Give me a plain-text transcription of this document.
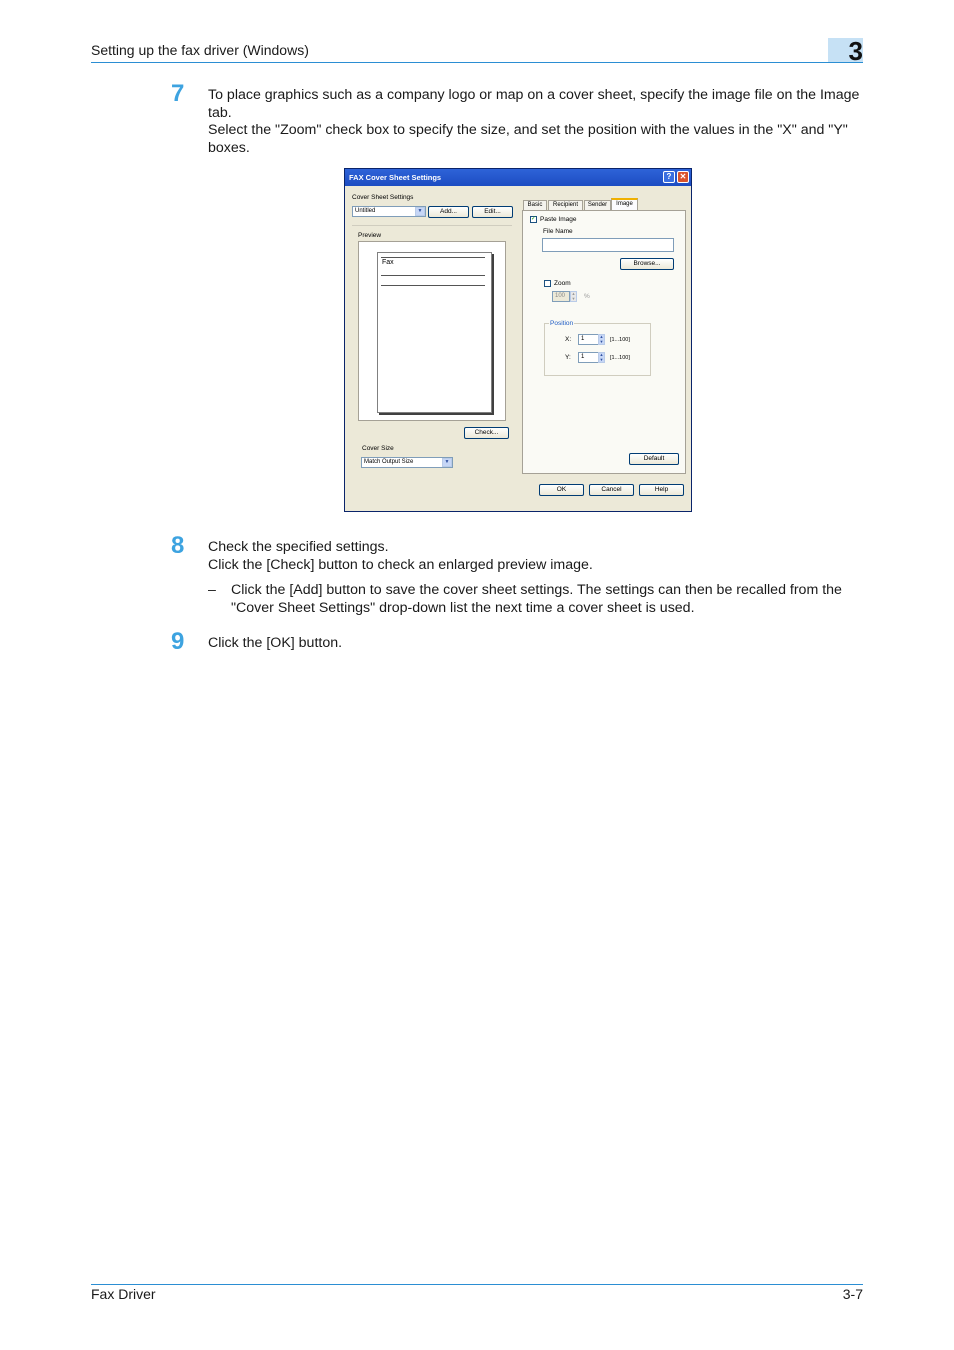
Setting up the fax driver (Windows)	3
7 To place graphics such as a company logo or map on a cover sheet, specify the image file on the Image
tab.
Select the "Zoom" check box to specify the size, and set the position with the values in the "X" and "Y"
boxes.
FAX Cover Sheet Settings	?	✕
Cover Sheet Settings
Untitled	▼	Add...	Edit...
Preview
Fax
Check...
Cover Size
Match Output Size	▼
Basic	Recipient	Sender	Image
✓ Paste Image
File Name
Browse...
Zoom
100	▲
▼ %
Position
X:	1	▲
▼ [1...100]
Y:	1	▲
▼ [1...100]
Default
OK	Cancel	Help
8 Check the specified settings.
Click the [Check] button to check an enlarged preview image.
– Click the [Add] button to save the cover sheet settings. The settings can then be recalled from the
"Cover Sheet Settings" drop-down list the next time a cover sheet is used.
9 Click the [OK] button.
Fax Driver	3-7
